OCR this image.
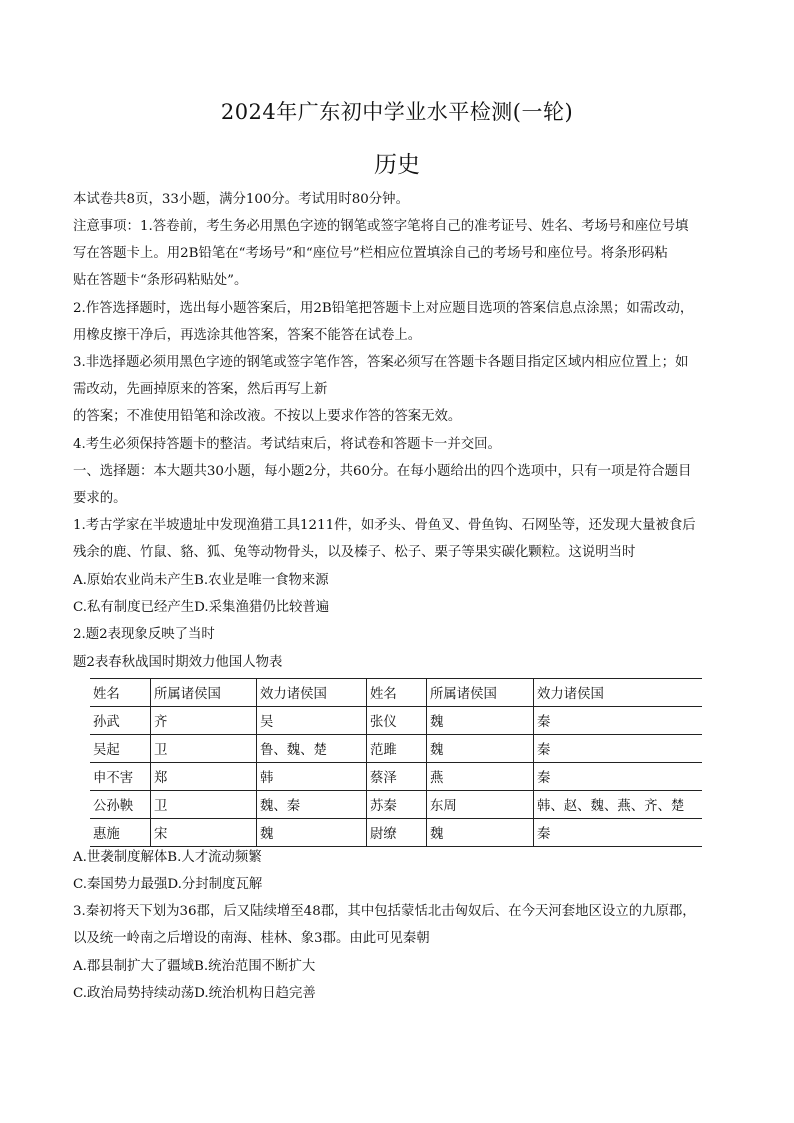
2024年广东初中学业水平检测(一轮)
历史
本试卷共8页，33小题，满分100分。考试用时80分钟。
注意事项：1.答卷前，考生务必用黑色字迹的钢笔或签字笔将自己的准考证号、姓名、考场号和座位号填
写在答题卡上。用2B铅笔在“考场号”和“座位号”栏相应位置填涂自己的考场号和座位号。将条形码粘
贴在答题卡“条形码粘贴处”。
2.作答选择题时，选出每小题答案后，用2B铅笔把答题卡上对应题目选项的答案信息点涂黑；如需改动，
用橡皮擦干净后，再选涂其他答案，答案不能答在试卷上。
3.非选择题必须用黑色字迹的钢笔或签字笔作答，答案必须写在答题卡各题目指定区域内相应位置上；如
需改动，先画掉原来的答案，然后再写上新
的答案；不准使用铅笔和涂改液。不按以上要求作答的答案无效。
4.考生必须保持答题卡的整洁。考试结束后，将试卷和答题卡一并交回。
一、选择题：本大题共30小题，每小题2分，共60分。在每小题给出的四个选项中，只有一项是符合题目
要求的。
1.考古学家在半坡遗址中发现渔猎工具1211件，如矛头、骨鱼叉、骨鱼钩、石网坠等，还发现大量被食后
残余的鹿、竹鼠、貉、狐、兔等动物骨头，以及榛子、松子、栗子等果实碳化颗粒。这说明当时
A.原始农业尚未产生B.农业是唯一食物来源
C.私有制度已经产生D.采集渔猎仍比较普遍
2.题2表现象反映了当时
题2表春秋战国时期效力他国人物表
姓名	所属诸侯国	效力诸侯国	姓名	所属诸侯国	效力诸侯国
孙武	齐	吴	张仪	魏	秦
吴起	卫	鲁、魏、楚	范雎	魏	秦
申不害	郑	韩	蔡泽	燕	秦
公孙鞅	卫	魏、秦	苏秦	东周	韩、赵、魏、燕、齐、楚
惠施	宋	魏	尉缭	魏	秦
A.世袭制度解体B.人才流动频繁
C.秦国势力最强D.分封制度瓦解
3.秦初将天下划为36郡，后又陆续增至48郡，其中包括蒙恬北击匈奴后、在今天河套地区设立的九原郡，
以及统一岭南之后增设的南海、桂林、象3郡。由此可见秦朝
A.郡县制扩大了疆域B.统治范围不断扩大
C.政治局势持续动荡D.统治机构日趋完善
